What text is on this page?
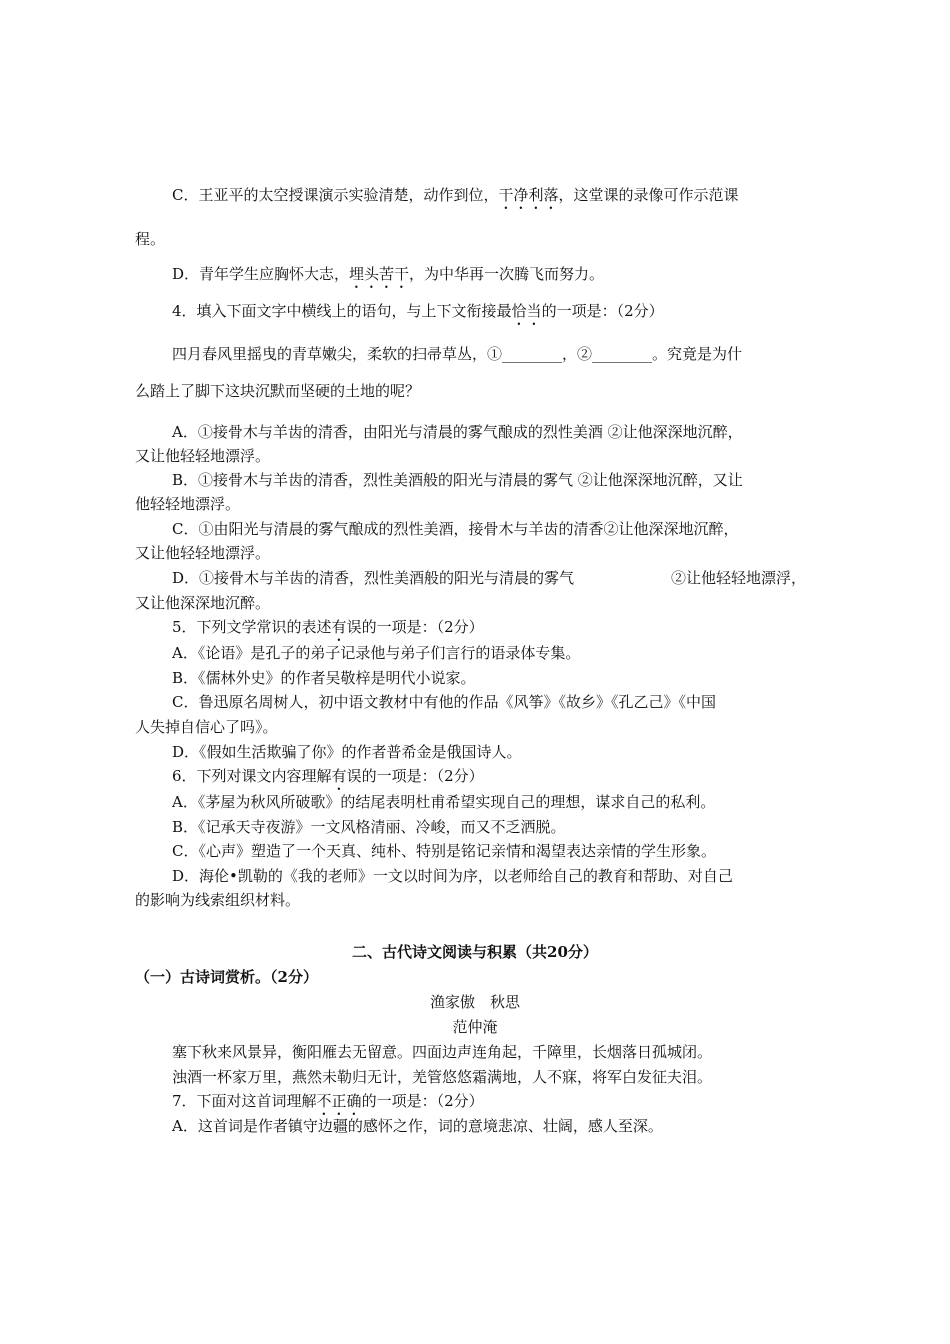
C．王亚平的太空授课演示实验清楚，动作到位，干净利落，这堂课的录像可作示范课
程。
D．青年学生应胸怀大志，埋头苦干，为中华再一次腾飞而努力。
4．填入下面文字中横线上的语句，与上下文衔接最恰当的一项是：（2分）
四月春风里摇曳的青草嫩尖，柔软的扫帚草丛，①________，②________。究竟是为什
么踏上了脚下这块沉默而坚硬的土地的呢？
A．①接骨木与羊齿的清香，由阳光与清晨的雾气酿成的烈性美酒 ②让他深深地沉醉，
又让他轻轻地漂浮。
B．①接骨木与羊齿的清香，烈性美酒般的阳光与清晨的雾气 ②让他深深地沉醉，又让
他轻轻地漂浮。
C．①由阳光与清晨的雾气酿成的烈性美酒，接骨木与羊齿的清香②让他深深地沉醉，
又让他轻轻地漂浮。
D．①接骨木与羊齿的清香，烈性美酒般的阳光与清晨的雾气	②让他轻轻地漂浮，
又让他深深地沉醉。
5．下列文学常识的表述有误的一项是：（2分）
A．《论语》是孔子的弟子记录他与弟子们言行的语录体专集。
B．《儒林外史》的作者吴敬梓是明代小说家。
C．鲁迅原名周树人，初中语文教材中有他的作品《风筝》《故乡》《孔乙己》《中国
人失掉自信心了吗》。
D．《假如生活欺骗了你》的作者普希金是俄国诗人。
6．下列对课文内容理解有误的一项是：（2分）
A．《茅屋为秋风所破歌》的结尾表明杜甫希望实现自己的理想，谋求自己的私利。
B．《记承天寺夜游》一文风格清丽、冷峻，而又不乏洒脱。
C．《心声》塑造了一个天真、纯朴、特别是铭记亲情和渴望表达亲情的学生形象。
D．海伦•凯勒的《我的老师》一文以时间为序，以老师给自己的教育和帮助、对自己
的影响为线索组织材料。
二、古代诗文阅读与积累（共20分）
（一）古诗词赏析。（2分）
渔家傲　秋思
范仲淹
塞下秋来风景异，衡阳雁去无留意。四面边声连角起，千障里，长烟落日孤城闭。
浊酒一杯家万里，燕然未勒归无计，羌管悠悠霜满地，人不寐，将军白发征夫泪。
7．下面对这首词理解不正确的一项是：（2分）
A．这首词是作者镇守边疆的感怀之作，词的意境悲凉、壮阔，感人至深。
